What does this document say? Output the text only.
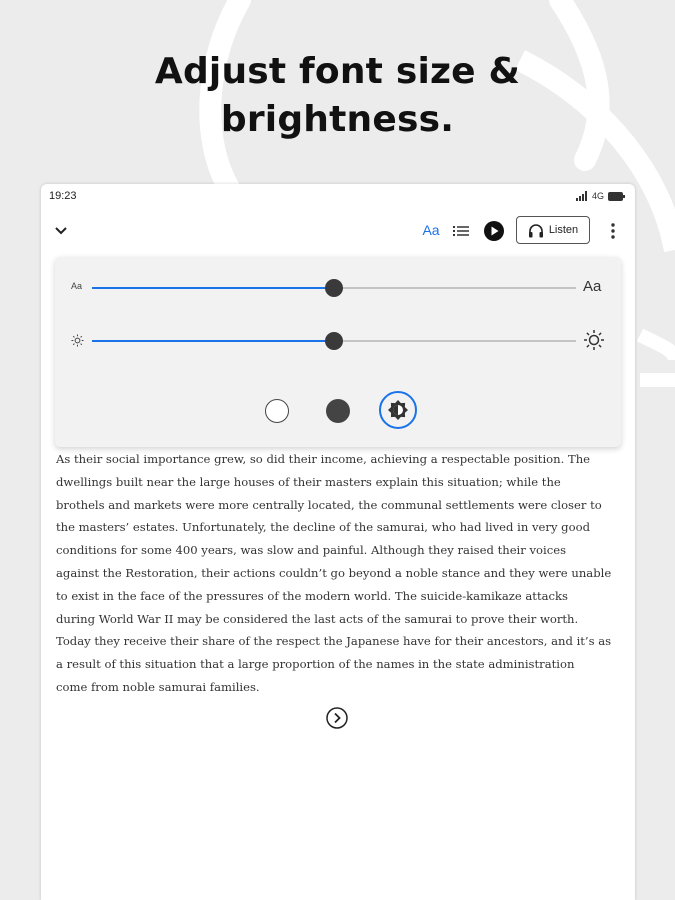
Adjust font size &
brightness.
19:23	4G
Aa	Listen
As their social importance grew, so did their income, achieving a respectable position. The
dwellings built near the large houses of their masters explain this situation; while the
brothels and markets were more centrally located, the communal settlements were closer to
the masters’ estates. Unfortunately, the decline of the samurai, who had lived in very good
conditions for some 400 years, was slow and painful. Although they raised their voices
against the Restoration, their actions couldn’t go beyond a noble stance and they were unable
to exist in the face of the pressures of the modern world. The suicide-kamikaze attacks
during World War II may be considered the last acts of the samurai to prove their worth.
Today they receive their share of the respect the Japanese have for their ancestors, and it’s as
a result of this situation that a large proportion of the names in the state administration
come from noble samurai families.
Aa	Aa
